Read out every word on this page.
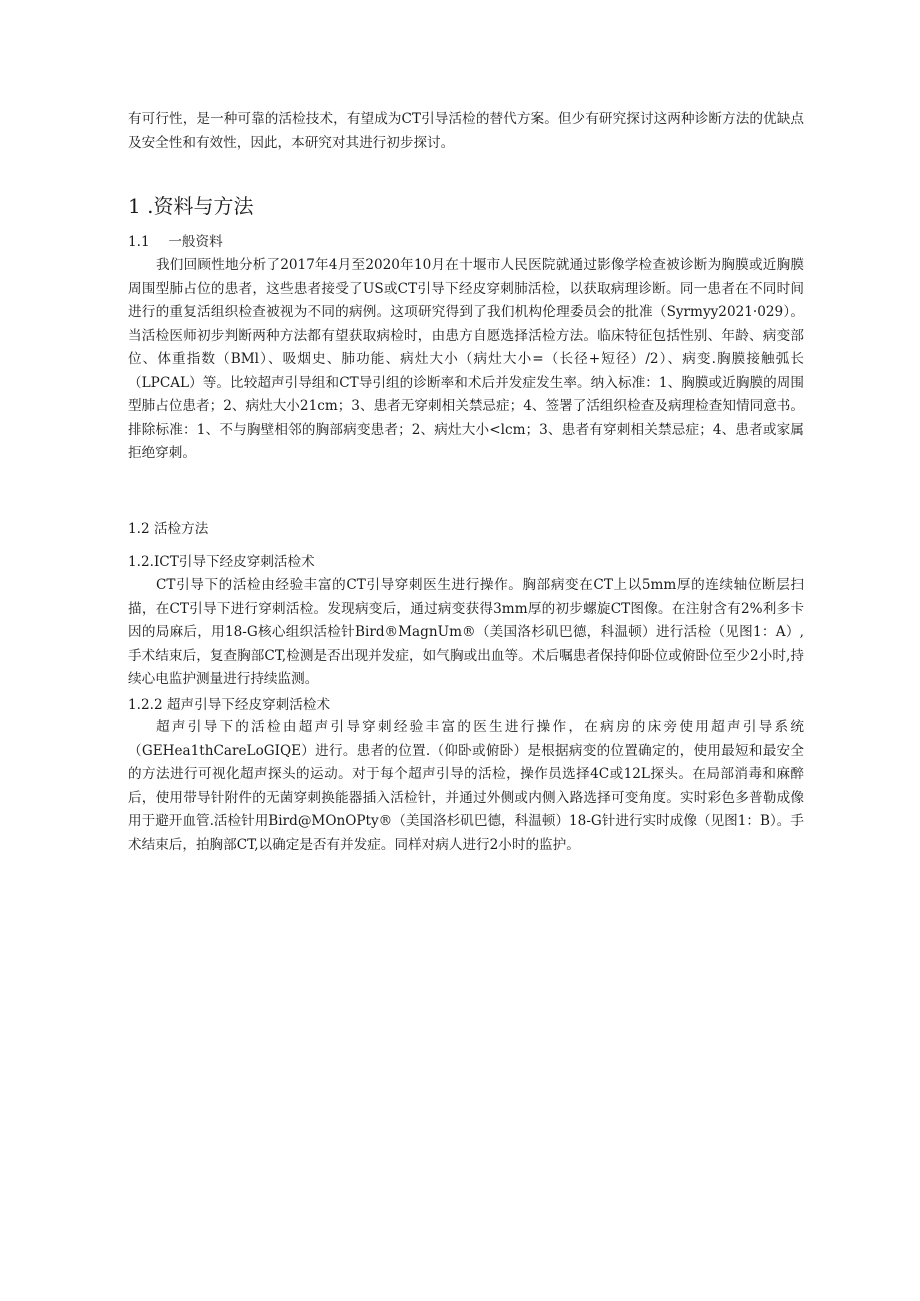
有可行性，是一种可靠的活检技术，有望成为CT引导活检的替代方案。但少有研究探讨这两种诊断方法的优缺点及安全性和有效性，因此，本研究对其进行初步探讨。

1 .资料与方法
1.1 一般资料

我们回顾性地分析了2017年4月至2020年10月在十堰市人民医院就通过影像学检查被诊断为胸膜或近胸膜周围型肺占位的患者，这些患者接受了US或CT引导下经皮穿刺肺活检，以获取病理诊断。同一患者在不同时间进行的重复活组织检查被视为不同的病例。这项研究得到了我们机构伦理委员会的批准（Syrmyy2021·029）。当活检医师初步判断两种方法都有望获取病检时，由患方自愿选择活检方法。临床特征包括性别、年龄、病变部位、体重指数（BMl）、吸烟史、肺功能、病灶大小（病灶大小=（长径+短径）/2）、病变.胸膜接触弧长（LPCAL）等。比较超声引导组和CT导引组的诊断率和术后并发症发生率。纳入标准：1、胸膜或近胸膜的周围型肺占位患者；2、病灶大小21cm；3、患者无穿刺相关禁忌症；4、签署了活组织检查及病理检查知情同意书。排除标准：1、不与胸壁相邻的胸部病变患者；2、病灶大小<lcm；3、患者有穿刺相关禁忌症；4、患者或家属拒绝穿刺。

1.2 活检方法
1.2.ICT引导下经皮穿刺活检术

CT引导下的活检由经验丰富的CT引导穿刺医生进行操作。胸部病变在CT上以5mm厚的连续轴位断层扫描，在CT引导下进行穿刺活检。发现病变后，通过病变获得3mm厚的初步螺旋CT图像。在注射含有2%利多卡因的局麻后，用18-G核心组织活检针Bird®MagnUm®（美国洛杉矶巴德，科温顿）进行活检（见图1：A）,手术结束后，复查胸部CT,检测是否出现并发症，如气胸或出血等。术后嘱患者保持仰卧位或俯卧位至少2小时,持续心电监护测量进行持续监测。

1.2.2 超声引导下经皮穿刺活检术

超声引导下的活检由超声引导穿刺经验丰富的医生进行操作，在病房的床旁使用超声引导系统（GEHea1thCareLoGIQE）进行。患者的位置.（仰卧或俯卧）是根据病变的位置确定的，使用最短和最安全的方法进行可视化超声探头的运动。对于每个超声引导的活检，操作员选择4C或12L探头。在局部消毒和麻醉后，使用带导针附件的无菌穿刺换能器插入活检针，并通过外侧或内侧入路选择可变角度。实时彩色多普勒成像用于避开血管.活检针用Bird@MOnOPty®（美国洛杉矶巴德，科温顿）18-G针进行实时成像（见图1：B）。手术结束后，拍胸部CT,以确定是否有并发症。同样对病人进行2小时的监护。
